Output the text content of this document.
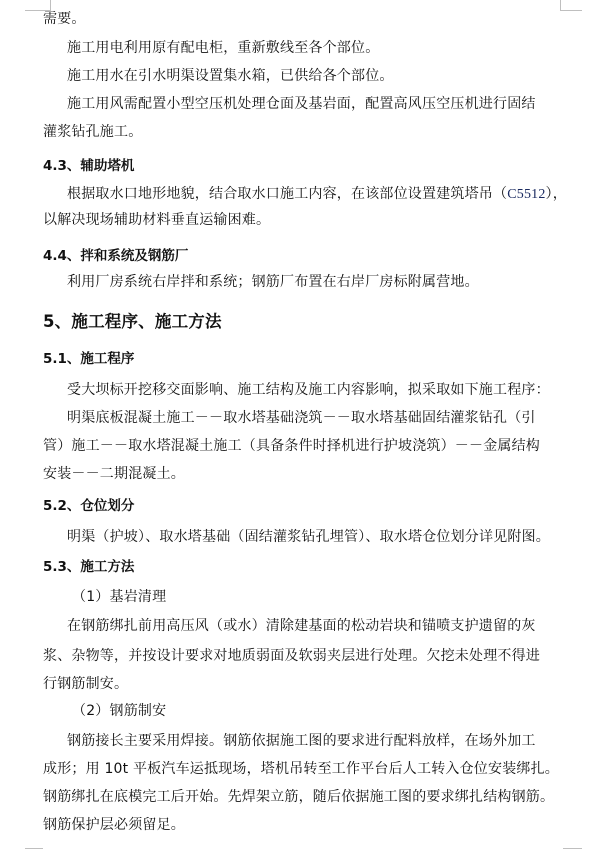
需要。
施工用电利用原有配电柜，重新敷线至各个部位。
施工用水在引水明渠设置集水箱，已供给各个部位。
施工用风需配置小型空压机处理仓面及基岩面，配置高风压空压机进行固结
灌浆钻孔施工。
4.3、辅助塔机
根据取水口地形地貌，结合取水口施工内容，在该部位设置建筑塔吊（C5512），
以解决现场辅助材料垂直运输困难。
4.4、拌和系统及钢筋厂
利用厂房系统右岸拌和系统；钢筋厂布置在右岸厂房标附属营地。
5、施工程序、施工方法
5.1、施工程序
受大坝标开挖移交面影响、施工结构及施工内容影响，拟采取如下施工程序：
明渠底板混凝土施工－－取水塔基础浇筑－－取水塔基础固结灌浆钻孔（引
管）施工－－取水塔混凝土施工（具备条件时择机进行护坡浇筑）－－金属结构
安装－－二期混凝土。
5.2、仓位划分
明渠（护坡）、取水塔基础（固结灌浆钻孔埋管）、取水塔仓位划分详见附图。
5.3、施工方法
（1）基岩清理
在钢筋绑扎前用高压风（或水）清除建基面的松动岩块和锚喷支护遗留的灰
浆、杂物等，并按设计要求对地质弱面及软弱夹层进行处理。欠挖未处理不得进
行钢筋制安。
（2）钢筋制安
钢筋接长主要采用焊接。钢筋依据施工图的要求进行配料放样，在场外加工
成形；用 10t 平板汽车运抵现场，塔机吊转至工作平台后人工转入仓位安装绑扎。
钢筋绑扎在底模完工后开始。先焊架立筋，随后依据施工图的要求绑扎结构钢筋。
钢筋保护层必须留足。
